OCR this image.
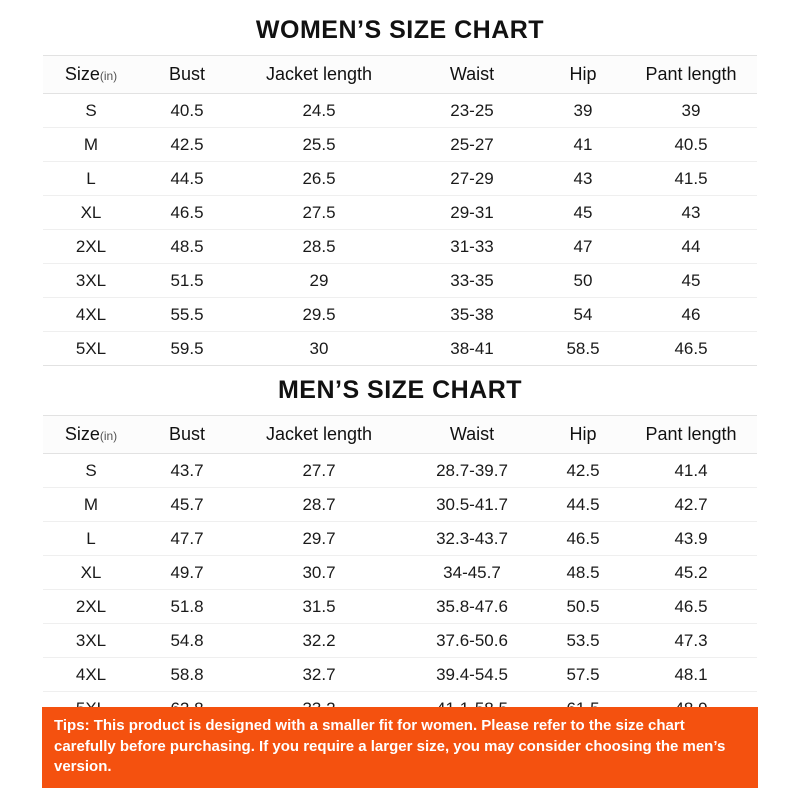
WOMEN’S SIZE CHART
Size(in)	Bust	Jacket length	Waist	Hip	Pant length
S	40.5	24.5	23-25	39	39
M	42.5	25.5	25-27	41	40.5
L	44.5	26.5	27-29	43	41.5
XL	46.5	27.5	29-31	45	43
2XL	48.5	28.5	31-33	47	44
3XL	51.5	29	33-35	50	45
4XL	55.5	29.5	35-38	54	46
5XL	59.5	30	38-41	58.5	46.5
MEN’S SIZE CHART
Size(in)	Bust	Jacket length	Waist	Hip	Pant length
S	43.7	27.7	28.7-39.7	42.5	41.4
M	45.7	28.7	30.5-41.7	44.5	42.7
L	47.7	29.7	32.3-43.7	46.5	43.9
XL	49.7	30.7	34-45.7	48.5	45.2
2XL	51.8	31.5	35.8-47.6	50.5	46.5
3XL	54.8	32.2	37.6-50.6	53.5	47.3
4XL	58.8	32.7	39.4-54.5	57.5	48.1

Tips: This product is designed with a smaller fit for women. Please refer to the size chart carefully before purchasing. If you require a larger size, you may consider choosing the men’s version.
